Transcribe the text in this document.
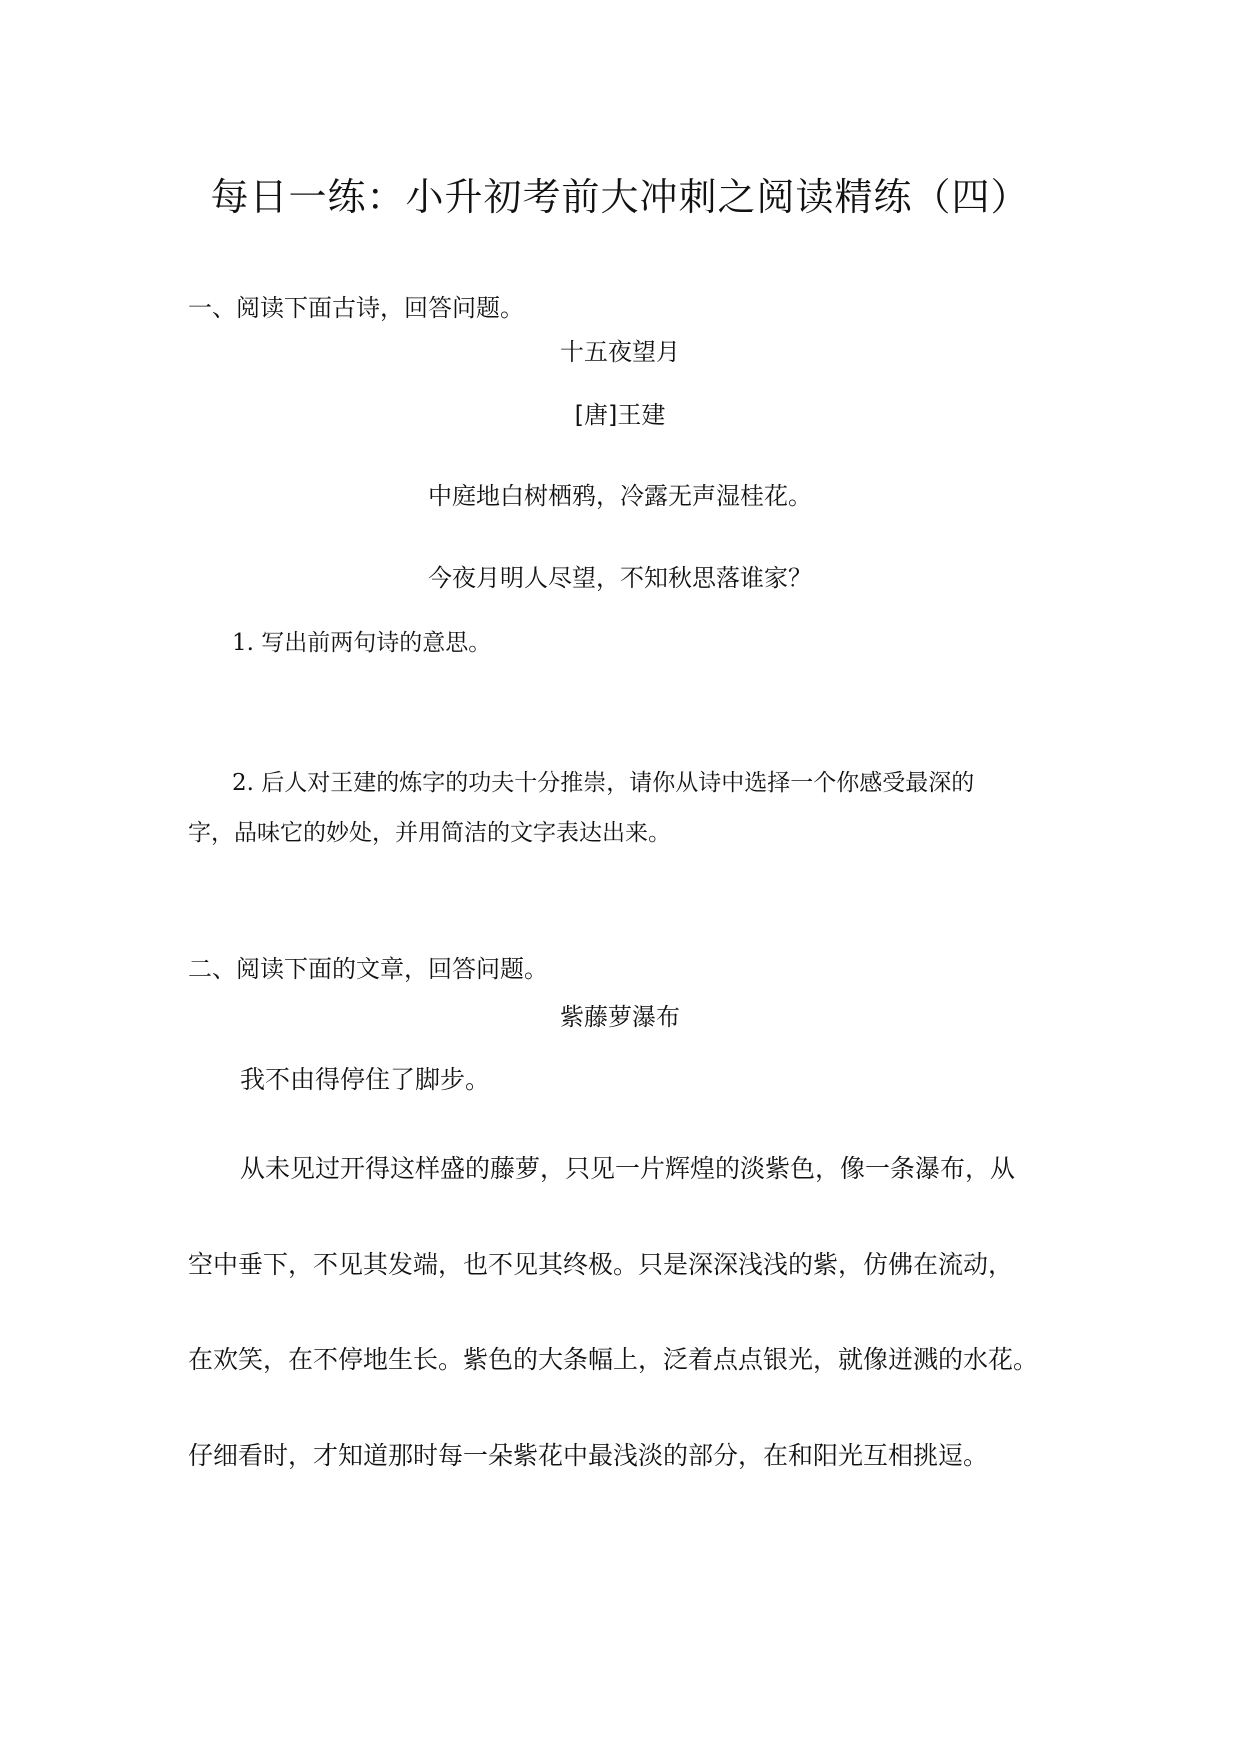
每日一练：小升初考前大冲刺之阅读精练（四）
一、阅读下面古诗，回答问题。
十五夜望月
[唐]王建
中庭地白树栖鸦，冷露无声湿桂花。
今夜月明人尽望，不知秋思落谁家？
1. 写出前两句诗的意思。
2. 后人对王建的炼字的功夫十分推崇，请你从诗中选择一个你感受最深的
字，品味它的妙处，并用简洁的文字表达出来。
二、阅读下面的文章，回答问题。
紫藤萝瀑布
我不由得停住了脚步。
从未见过开得这样盛的藤萝，只见一片辉煌的淡紫色，像一条瀑布，从
空中垂下，不见其发端，也不见其终极。只是深深浅浅的紫，仿佛在流动，
在欢笑，在不停地生长。紫色的大条幅上，泛着点点银光，就像迸溅的水花。
仔细看时，才知道那时每一朵紫花中最浅淡的部分，在和阳光互相挑逗。
